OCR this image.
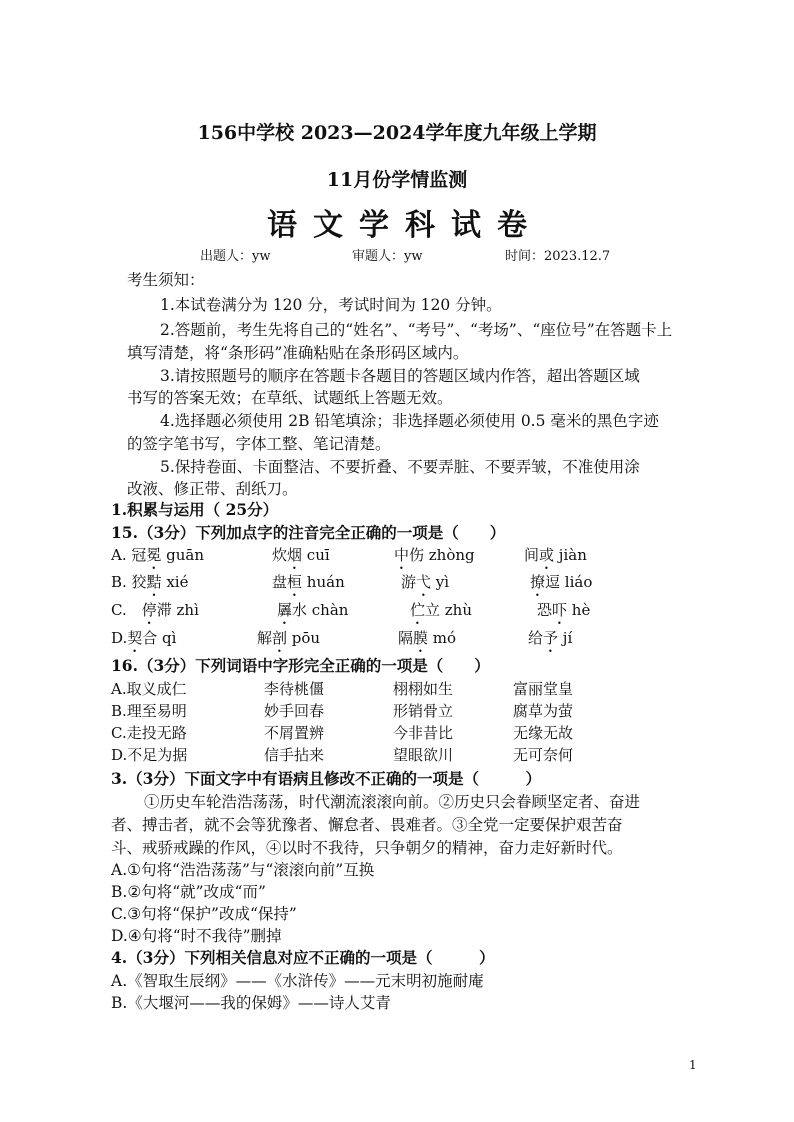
156中学校 2023—2024学年度九年级上学期
11月份学情监测
语文学科试卷
出题人：yw	审题人：yw	时间：2023.12.7
考生须知：
1.本试卷满分为 120 分，考试时间为 120 分钟。
2.答题前，考生先将自己的“姓名”、“考号”、“考场”、“座位号”在答题卡上
填写清楚，将“条形码”准确粘贴在条形码区域内。
3.请按照题号的顺序在答题卡各题目的答题区域内作答，超出答题区域
书写的答案无效；在草纸、试题纸上答题无效。
4.选择题必须使用 2B 铅笔填涂；非选择题必须使用 0.5 毫米的黑色字迹
的签字笔书写，字体工整、笔记清楚。
5.保持卷面、卡面整洁、不要折叠、不要弄脏、不要弄皱，不准使用涂
改液、修正带、刮纸刀。
1.积累与运用（ 25分）
15.（3分）下列加点字的注音完全正确的一项是（　　）
A. 冠冕 guān	炊烟 cuī	中伤 zhòng	间或 jiàn
B. 狡黠 xié	盘桓 huán	游弋 yì	撩逗 liáo
C.　停滞 zhì	羼水 chàn	伫立 zhù	恐吓 hè
D.契合 qì	解剖 pōu	隔膜 mó	给予 jí
16.（3分）下列词语中字形完全正确的一项是（　　）
A.取义成仁	李待桃僵	栩栩如生	富丽堂皇
B.理至易明	妙手回春	形销骨立	腐草为萤
C.走投无路	不屑置辨	今非昔比	无缘无故
D.不足为据	信手拈来	望眼欲川	无可奈何
3.（3分）下面文字中有语病且修改不正确的一项是（　　　）
①历史车轮浩浩荡荡，时代潮流滚滚向前。②历史只会眷顾坚定者、奋进
者、搏击者，就不会等犹豫者、懈怠者、畏难者。③全党一定要保护艰苦奋
斗、戒骄戒躁的作风，④以时不我待，只争朝夕的精神，奋力走好新时代。
A.①句将“浩浩荡荡”与“滚滚向前”互换
B.②句将“就”改成“而”
C.③句将“保护”改成“保持”
D.④句将“时不我待”删掉
4.（3分）下列相关信息对应不正确的一项是（　　　）
A.《智取生辰纲》——《水浒传》——元末明初施耐庵
B.《大堰河——我的保姆》——诗人艾青
1
